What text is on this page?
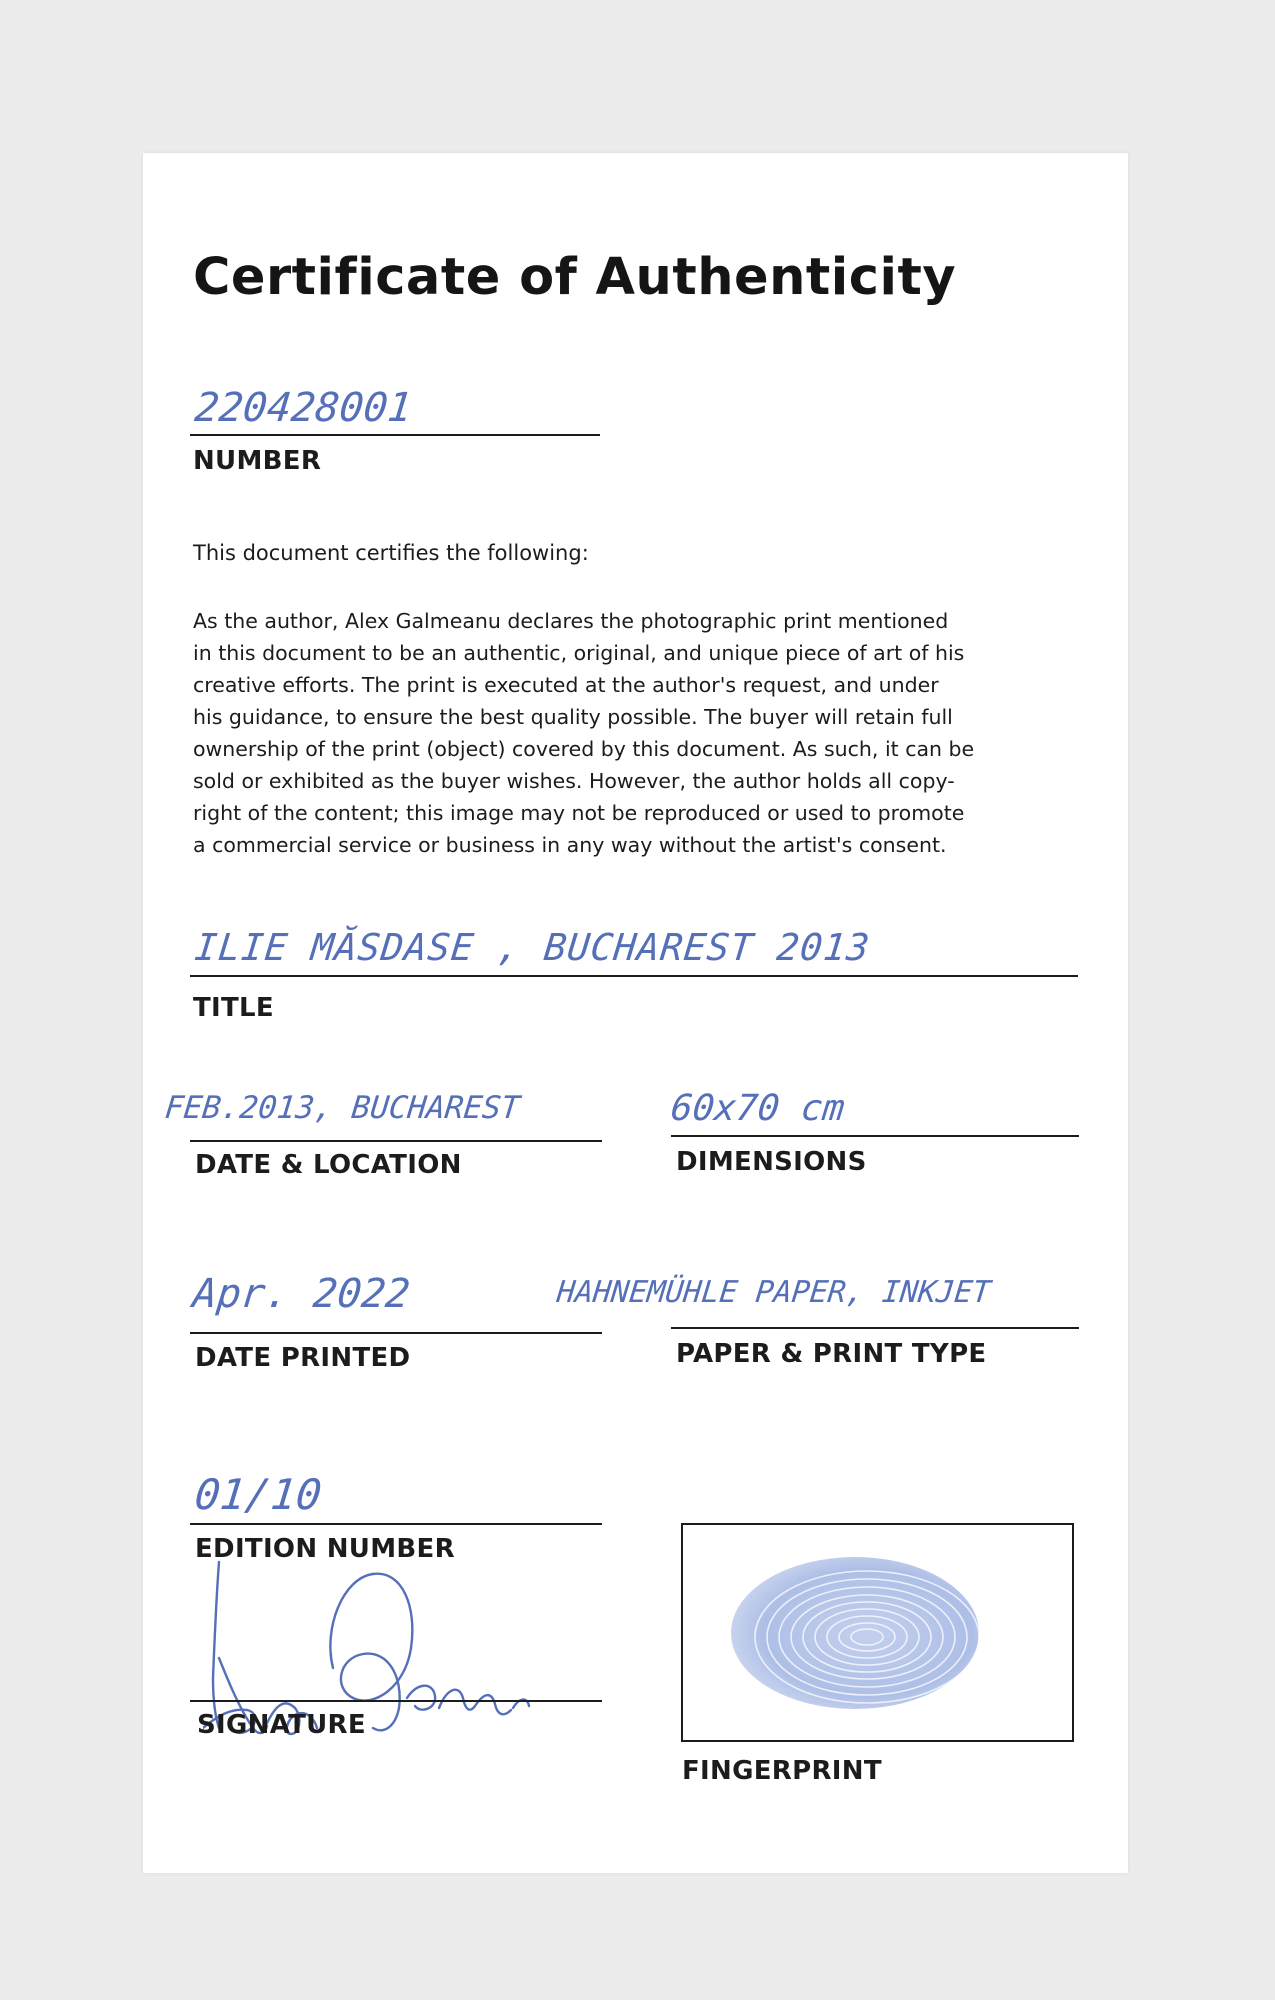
Certificate of Authenticity
220428001
NUMBER
This document certifies the following:
As the author, Alex Galmeanu declares the photographic print mentioned
in this document to be an authentic, original, and unique piece of art of his
creative efforts. The print is executed at the author's request, and under
his guidance, to ensure the best quality possible. The buyer will retain full
ownership of the print (object) covered by this document. As such, it can be
sold or exhibited as the buyer wishes. However, the author holds all copy-
right of the content; this image may not be reproduced or used to promote
a commercial service or business in any way without the artist's consent.
ILIE MĂSDASE , BUCHAREST 2013
TITLE
FEB.2013, BUCHAREST
DATE & LOCATION
60x70 cm
DIMENSIONS
Apr. 2022
DATE PRINTED
HAHNEMÜHLE PAPER, INKJET
PAPER & PRINT TYPE
01/10
EDITION NUMBER
SIGNATURE
FINGERPRINT
